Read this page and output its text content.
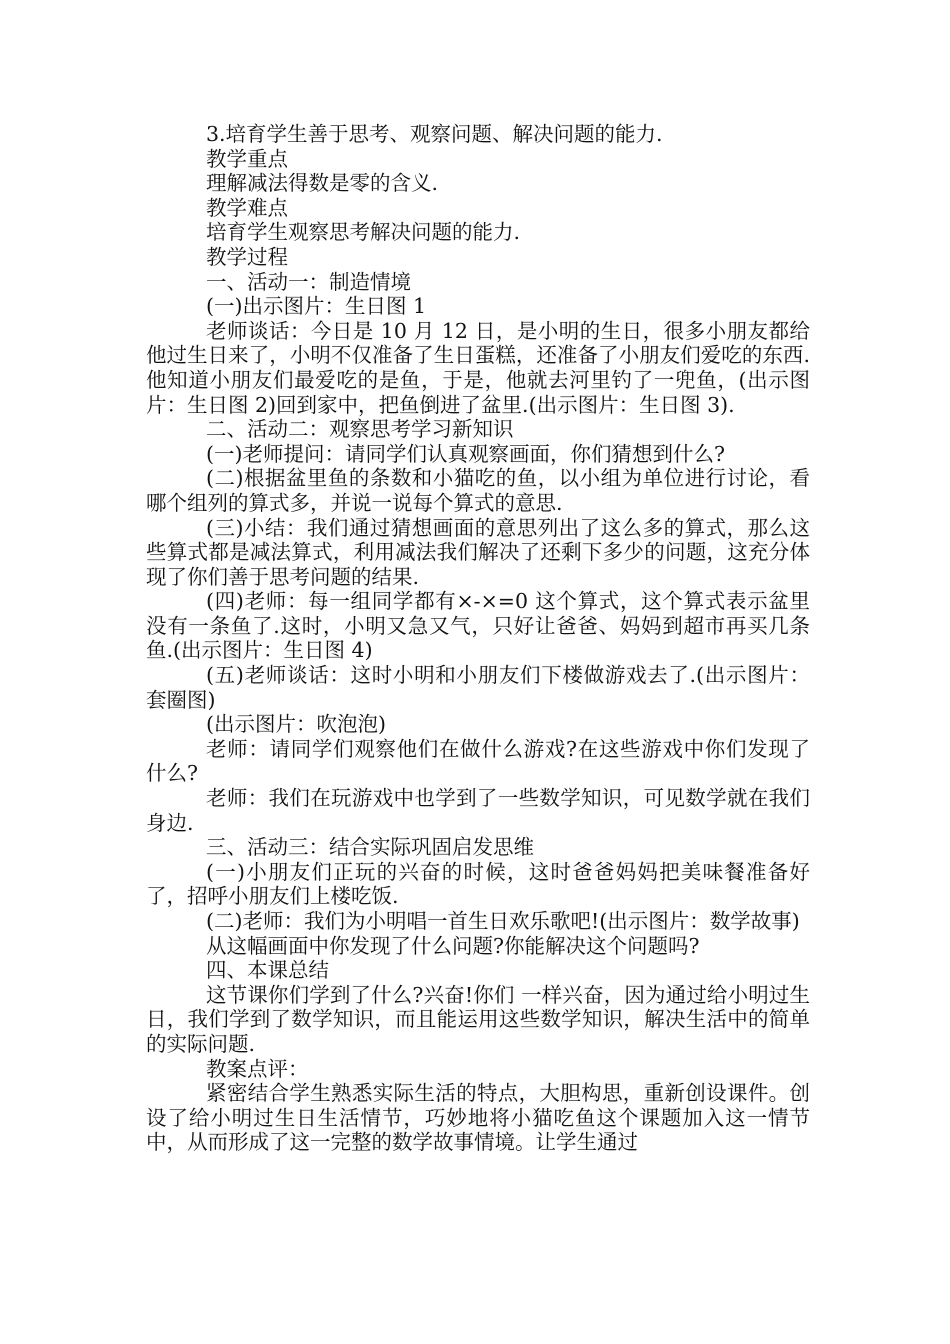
3.培育学生善于思考、观察问题、解决问题的能力.

教学重点

理解减法得数是零的含义.

教学难点

培育学生观察思考解决问题的能力.

教学过程

一、活动一：制造情境

(一)出示图片：生日图 1

老师谈话：今日是 10 月 12 日，是小明的生日，很多小朋友都给他过生日来了，小明不仅准备了生日蛋糕，还准备了小朋友们爱吃的东西.他知道小朋友们最爱吃的是鱼，于是，他就去河里钓了一兜鱼，(出示图片：生日图 2)回到家中，把鱼倒进了盆里.(出示图片：生日图 3).

二、活动二：观察思考学习新知识

(一)老师提问：请同学们认真观察画面，你们猜想到什么?

(二)根据盆里鱼的条数和小猫吃的鱼，以小组为单位进行讨论，看哪个组列的算式多，并说一说每个算式的意思.

(三)小结：我们通过猜想画面的意思列出了这么多的算式，那么这些算式都是减法算式，利用减法我们解决了还剩下多少的问题，这充分体现了你们善于思考问题的结果.

(四)老师：每一组同学都有×-×=0 这个算式，这个算式表示盆里没有一条鱼了.这时，小明又急又气，只好让爸爸、妈妈到超市再买几条鱼.(出示图片：生日图 4)

(五)老师谈话：这时小明和小朋友们下楼做游戏去了.(出示图片：套圈图)

(出示图片：吹泡泡)

老师：请同学们观察他们在做什么游戏?在这些游戏中你们发现了什么?

老师：我们在玩游戏中也学到了一些数学知识，可见数学就在我们身边.

三、活动三：结合实际巩固启发思维

(一)小朋友们正玩的兴奋的时候，这时爸爸妈妈把美味餐准备好了，招呼小朋友们上楼吃饭.

(二)老师：我们为小明唱一首生日欢乐歌吧!(出示图片：数学故事)

从这幅画面中你发现了什么问题?你能解决这个问题吗?

四、本课总结

这节课你们学到了什么?兴奋!你们 一样兴奋，因为通过给小明过生日，我们学到了数学知识，而且能运用这些数学知识，解决生活中的简单的实际问题.

教案点评：

紧密结合学生熟悉实际生活的特点，大胆构思，重新创设课件。创设了给小明过生日生活情节，巧妙地将小猫吃鱼这个课题加入这一情节中，从而形成了这一完整的数学故事情境。让学生通过
